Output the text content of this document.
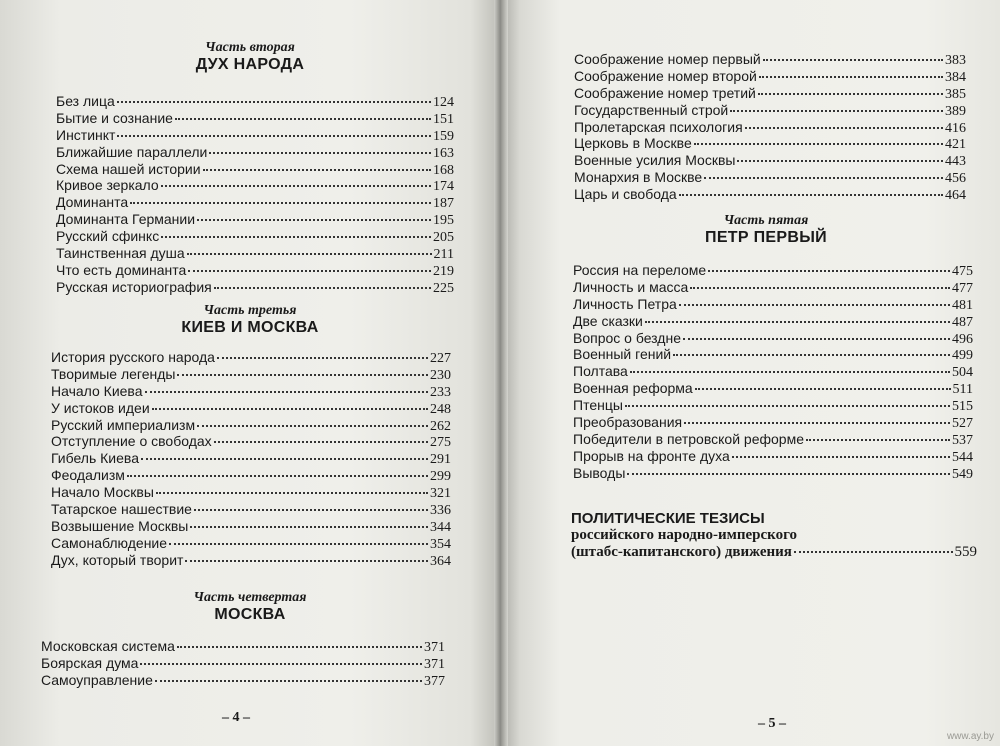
Часть вторая
ДУХ НАРОДА
Без лица	124
Бытие и сознание	151
Инстинкт	159
Ближайшие параллели	163
Схема нашей истории	168
Кривое зеркало	174
Доминанта	187
Доминанта Германии	195
Русский сфинкс	205
Таинственная душа	211
Что есть доминанта	219
Русская историография	225
Часть третья
КИЕВ И МОСКВА
История русского народа	227
Творимые легенды	230
Начало Киева	233
У истоков идеи	248
Русский империализм	262
Отступление о свободах	275
Гибель Киева	291
Феодализм	299
Начало Москвы	321
Татарское нашествие	336
Возвышение Москвы	344
Самонаблюдение	354
Дух, который творит	364
Часть четвертая
МОСКВА
Московская система	371
Боярская дума	371
Самоуправление	377
– 4 –
Соображение номер первый	383
Соображение номер второй	384
Соображение номер третий	385
Государственный строй	389
Пролетарская психология	416
Церковь в Москве	421
Военные усилия Москвы	443
Монархия в Москве	456
Царь и свобода	464
Часть пятая
ПЕТР ПЕРВЫЙ
Россия на переломе	475
Личность и масса	477
Личность Петра	481
Две сказки	487
Вопрос о бездне	496
Военный гений	499
Полтава	504
Военная реформа	511
Птенцы	515
Преобразования	527
Победители в петровской реформе	537
Прорыв на фронте духа	544
Выводы	549
ПОЛИТИЧЕСКИЕ ТЕЗИСЫ
российского народно-имперского
(штабс-капитанского) движения	559
– 5 –
www.ay.by
